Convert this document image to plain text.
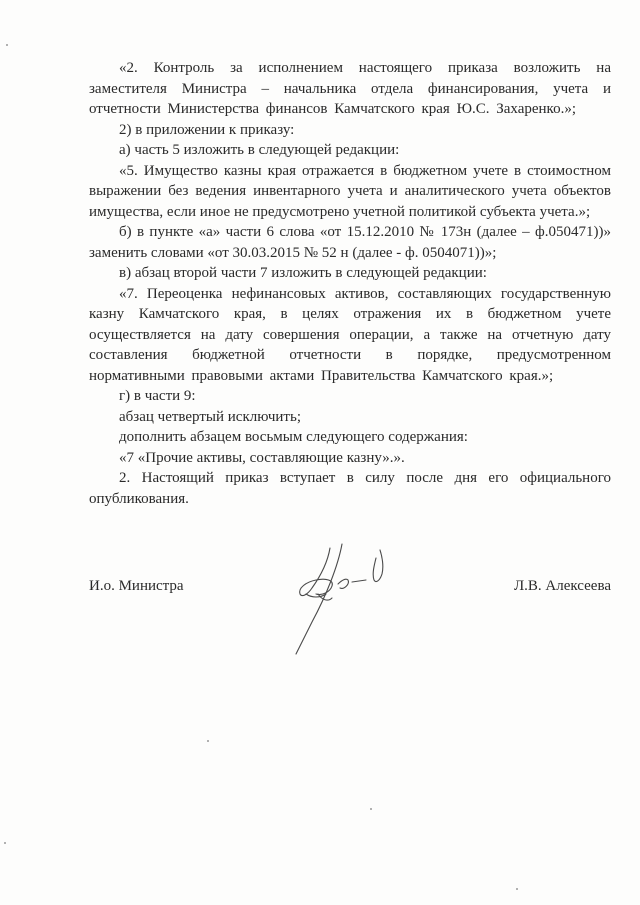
«2. Контроль за исполнением настоящего приказа возложить на заместителя Министра – начальника отдела финансирования, учета и отчетности Министерства финансов Камчатского края Ю.С. Захаренко.»;

2) в приложении к приказу:

а) часть 5 изложить в следующей редакции:

«5. Имущество казны края отражается в бюджетном учете в стоимостном выражении без ведения инвентарного учета и аналитического учета объектов имущества, если иное не предусмотрено учетной политикой субъекта учета.»;

б) в пункте «а» части 6 слова «от 15.12.2010 № 173н (далее – ф.050471))» заменить словами «от 30.03.2015 № 52 н (далее - ф. 0504071))»;

в) абзац второй части 7 изложить в следующей редакции:

«7. Переоценка нефинансовых активов, составляющих государственную казну Камчатского края, в целях отражения их в бюджетном учете осуществляется на дату совершения операции, а также на отчетную дату составления бюджетной отчетности в порядке, предусмотренном нормативными правовыми актами Правительства Камчатского края.»;

г) в части 9:

абзац четвертый исключить;

дополнить абзацем восьмым следующего содержания:

«7 «Прочие активы, составляющие казну».».

2. Настоящий приказ вступает в силу после дня его официального опубликования.

И.о. Министра	Л.В. Алексеева
